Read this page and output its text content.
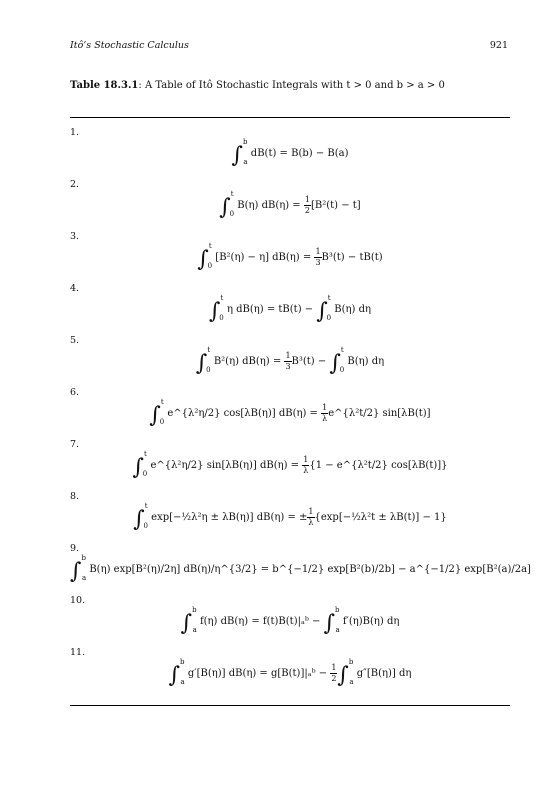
Itô’s Stochastic Calculus	921
Table 18.3.1: A Table of Itô Stochastic Integrals with t > 0 and b > a > 0
1.
∫$^b_a$ dB(t) = B(b) − B(a)
2.
∫$^t_0$ B(η) $dB(\eta) = \frac{1}{2} [B^2(t) - t]$
3.
∫$^t_0$ [B²(η) − η] $dB(\eta) = \frac{1}{3} B^3(t) - tB(t)$
4.
∫$^t_0$ η dB(η) = tB(t) − ∫$^t_0$ B(η) dη
5.
∫$^t_0$ B²(η) $dB(\eta) = \frac{1}{3} B^3(t) - \int^t_0$ B(η) dη
6.
∫$^t_0$ e^{λ²η/2} cos[λB(η)] $dB(\eta) = \frac{1}{\lambda}$ e^{λ²t/2} sin[λB(t)]
7.
∫$^t_0$ e^{λ²η/2} sin[λB(η)] $dB(\eta) = \frac{1}{\lambda} \{1$ − e^{λ²t/2} cos[λB(t)]}
8.
∫$^t_0$ exp[−½λ²η ± λB(η)] dB(η) = ± $\frac{1}{\lambda}$ {exp[−½λ²t ± λB(t)] − 1}
9.
∫$^b_a$ B(η) exp[B²(η)/2η] dB(η)/η^{3/2} = b^{−1/2} exp[B²(b)/2b] − a^{−1/2} exp[B²(a)/2a]
10.
∫$^b_a$ f(η) dB(η) = f(t)B(t)|ₐᵇ − ∫$^b_a$ f′(η)B(η) dη
11.
∫$^b_a$ g′[B(η)] dB(η) = g[B(t)]|ₐᵇ − $\frac{1}{2} \int^b_a$ g″[B(η)] dη
